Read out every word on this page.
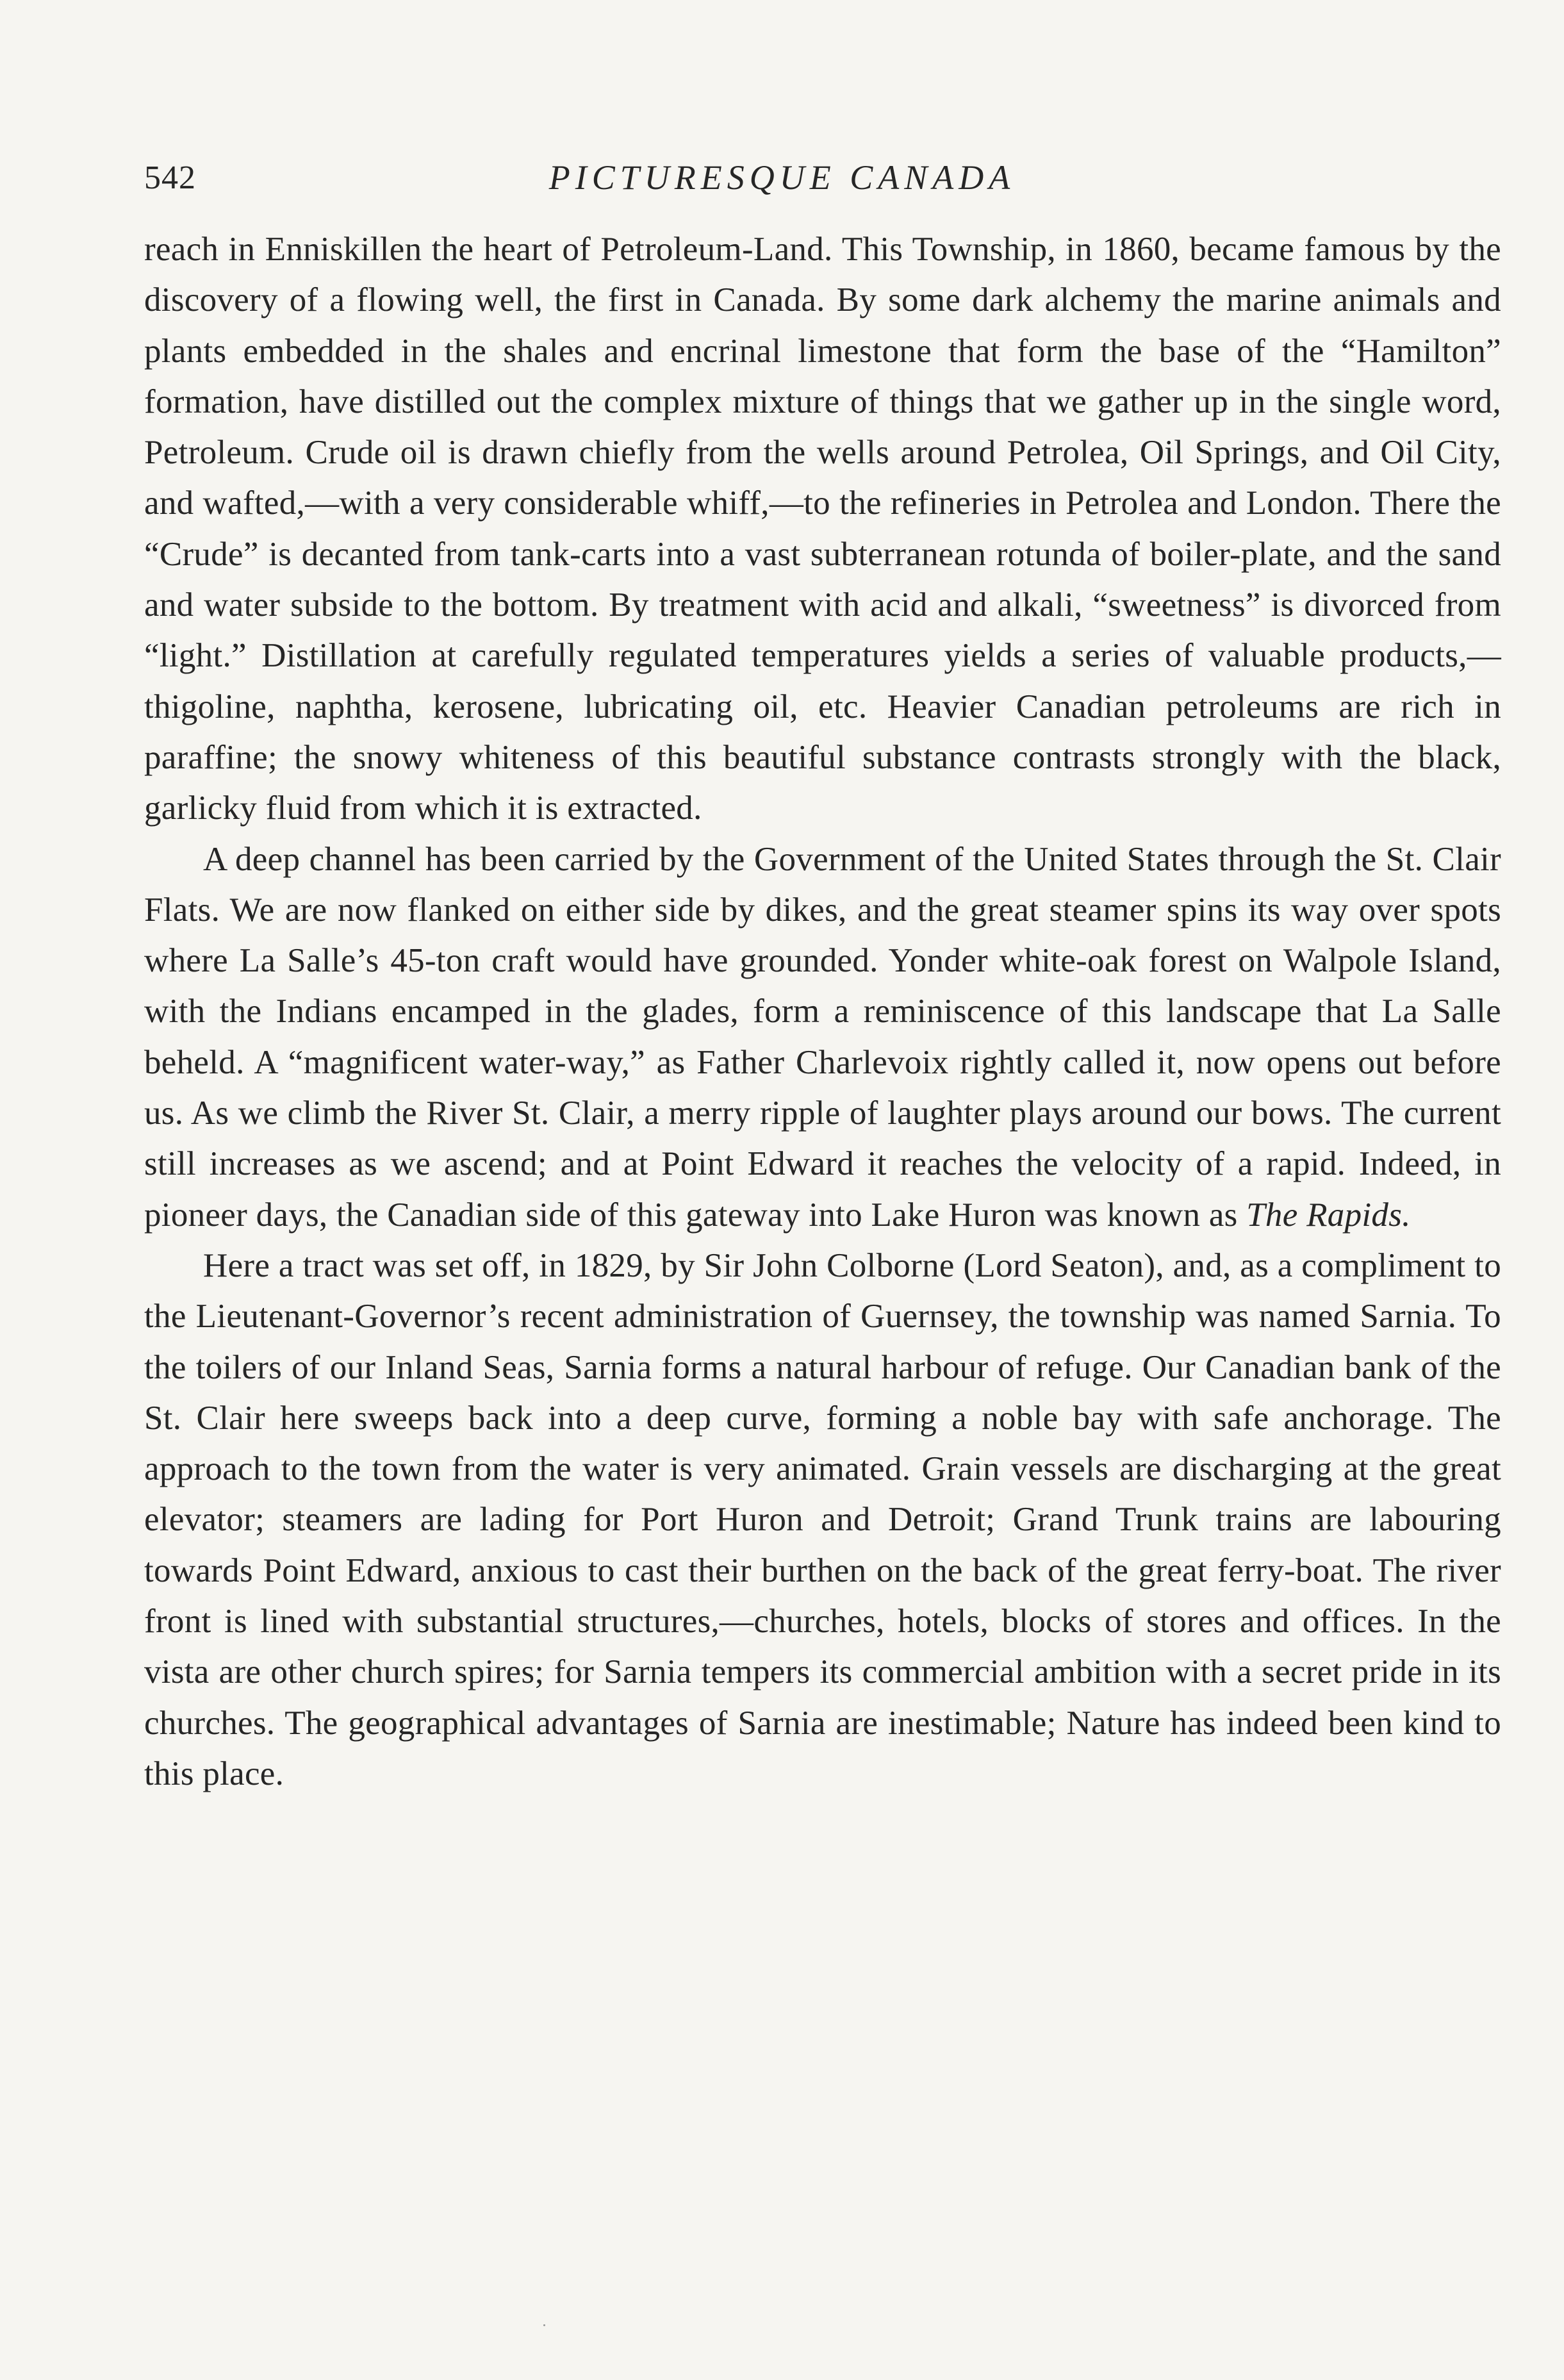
542	PICTURESQUE CANADA

reach in Enniskillen the heart of Petroleum-Land. This Township, in 1860, became famous by the discovery of a flowing well, the first in Canada. By some dark alchemy the marine animals and plants embedded in the shales and encrinal limestone that form the base of the “Hamilton” formation, have distilled out the complex mixture of things that we gather up in the single word, Petroleum. Crude oil is drawn chiefly from the wells around Petrolea, Oil Springs, and Oil City, and wafted,—with a very considerable whiff,—to the refineries in Petrolea and London. There the “Crude” is decanted from tank-carts into a vast subterranean rotunda of boiler-plate, and the sand and water subside to the bottom. By treatment with acid and alkali, “sweetness” is divorced from “light.” Distillation at carefully regulated temperatures yields a series of valuable products,—thigoline, naphtha, kerosene, lubricating oil, etc. Heavier Canadian petroleums are rich in paraffine; the snowy whiteness of this beautiful substance contrasts strongly with the black, garlicky fluid from which it is extracted.

A deep channel has been carried by the Government of the United States through the St. Clair Flats. We are now flanked on either side by dikes, and the great steamer spins its way over spots where La Salle’s 45-ton craft would have grounded. Yonder white-oak forest on Walpole Island, with the Indians encamped in the glades, form a reminiscence of this landscape that La Salle beheld. A “magnificent water-way,” as Father Charlevoix rightly called it, now opens out before us. As we climb the River St. Clair, a merry ripple of laughter plays around our bows. The current still increases as we ascend; and at Point Edward it reaches the velocity of a rapid. Indeed, in pioneer days, the Canadian side of this gateway into Lake Huron was known as The Rapids.

Here a tract was set off, in 1829, by Sir John Colborne (Lord Seaton), and, as a compliment to the Lieutenant-Governor’s recent administration of Guernsey, the township was named Sarnia. To the toilers of our Inland Seas, Sarnia forms a natural harbour of refuge. Our Canadian bank of the St. Clair here sweeps back into a deep curve, forming a noble bay with safe anchorage. The approach to the town from the water is very animated. Grain vessels are discharging at the great elevator; steamers are lading for Port Huron and Detroit; Grand Trunk trains are labouring towards Point Edward, anxious to cast their burthen on the back of the great ferry-boat. The river front is lined with substantial structures,—churches, hotels, blocks of stores and offices. In the vista are other church spires; for Sarnia tempers its commercial ambition with a secret pride in its churches. The geographical advantages of Sarnia are inestimable; Nature has indeed been kind to this place.
